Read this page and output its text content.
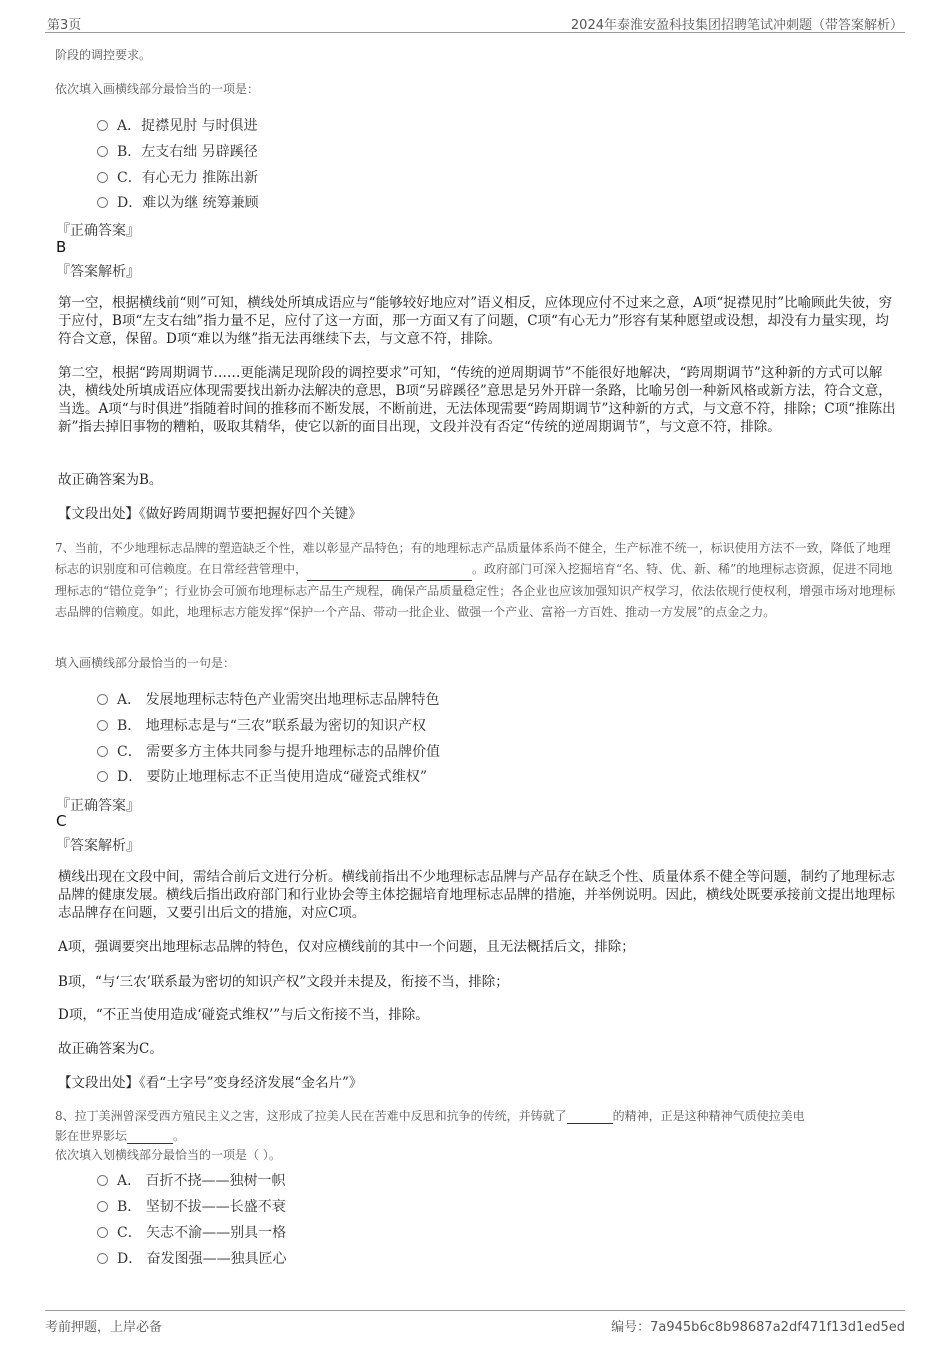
第3页	2024年泰淮安盈科技集团招聘笔试冲刺题（带答案解析）
阶段的调控要求。
依次填入画横线部分最恰当的一项是：
A．捉襟见肘 与时俱进
B．左支右绌 另辟蹊径
C．有心无力 推陈出新
D．难以为继 统筹兼顾
『正确答案』
B
『答案解析』
第一空，根据横线前“则”可知，横线处所填成语应与“能够较好地应对”语义相反，应体现应付不过来之意，A项“捉襟见肘”比喻顾此失彼，穷于应付，B项“左支右绌”指力量不足，应付了这一方面，那一方面又有了问题，C项“有心无力”形容有某种愿望或设想，却没有力量实现，均符合文意，保留。D项“难以为继”指无法再继续下去，与文意不符，排除。
第二空，根据“跨周期调节……更能满足现阶段的调控要求”可知，“传统的逆周期调节”不能很好地解决，“跨周期调节”这种新的方式可以解决，横线处所填成语应体现需要找出新办法解决的意思，B项“另辟蹊径”意思是另外开辟一条路，比喻另创一种新风格或新方法，符合文意，当选。A项“与时俱进”指随着时间的推移而不断发展，不断前进，无法体现需要“跨周期调节”这种新的方式，与文意不符，排除；C项“推陈出新”指去掉旧事物的糟粕，吸取其精华，使它以新的面目出现，文段并没有否定“传统的逆周期调节”，与文意不符，排除。
故正确答案为B。
【文段出处】《做好跨周期调节要把握好四个关键》
7、当前，不少地理标志品牌的塑造缺乏个性，难以彰显产品特色；有的地理标志产品质量体系尚不健全，生产标准不统一，标识使用方法不一致，降低了地理标志的识别度和可信赖度。在日常经营管理中，	。政府部门可深入挖掘培育“名、特、优、新、稀”的地理标志资源，促进不同地理标志的“错位竞争”；行业协会可颁布地理标志产品生产规程，确保产品质量稳定性；各企业也应该加强知识产权学习，依法依规行使权利，增强市场对地理标志品牌的信赖度。如此，地理标志方能发挥“保护一个产品、带动一批企业、做强一个产业、富裕一方百姓、推动一方发展”的点金之力。
填入画横线部分最恰当的一句是：
A． 发展地理标志特色产业需突出地理标志品牌特色
B． 地理标志是与“三农”联系最为密切的知识产权
C． 需要多方主体共同参与提升地理标志的品牌价值
D． 要防止地理标志不正当使用造成“碰瓷式维权”
『正确答案』
C
『答案解析』
横线出现在文段中间，需结合前后文进行分析。横线前指出不少地理标志品牌与产品存在缺乏个性、质量体系不健全等问题，制约了地理标志品牌的健康发展。横线后指出政府部门和行业协会等主体挖掘培育地理标志品牌的措施，并举例说明。因此，横线处既要承接前文提出地理标志品牌存在问题，又要引出后文的措施，对应C项。
A项，强调要突出地理标志品牌的特色，仅对应横线前的其中一个问题，且无法概括后文，排除；
B项，“与‘三农’联系最为密切的知识产权”文段并未提及，衔接不当，排除；
D项，“不正当使用造成‘碰瓷式维权’”与后文衔接不当，排除。
故正确答案为C。
【文段出处】《看“土字号”变身经济发展“金名片”》
8、拉丁美洲曾深受西方殖民主义之害，这形成了拉美人民在苦难中反思和抗争的传统，并铸就了	的精神，正是这种精神气质使拉美电
影在世界影坛	。
依次填入划横线部分最恰当的一项是（ ）。
A． 百折不挠——独树一帜
B． 坚韧不拔——长盛不衰
C． 矢志不渝——别具一格
D． 奋发图强——独具匠心
考前押题，上岸必备	编号：7a945b6c8b98687a2df471f13d1ed5ed
